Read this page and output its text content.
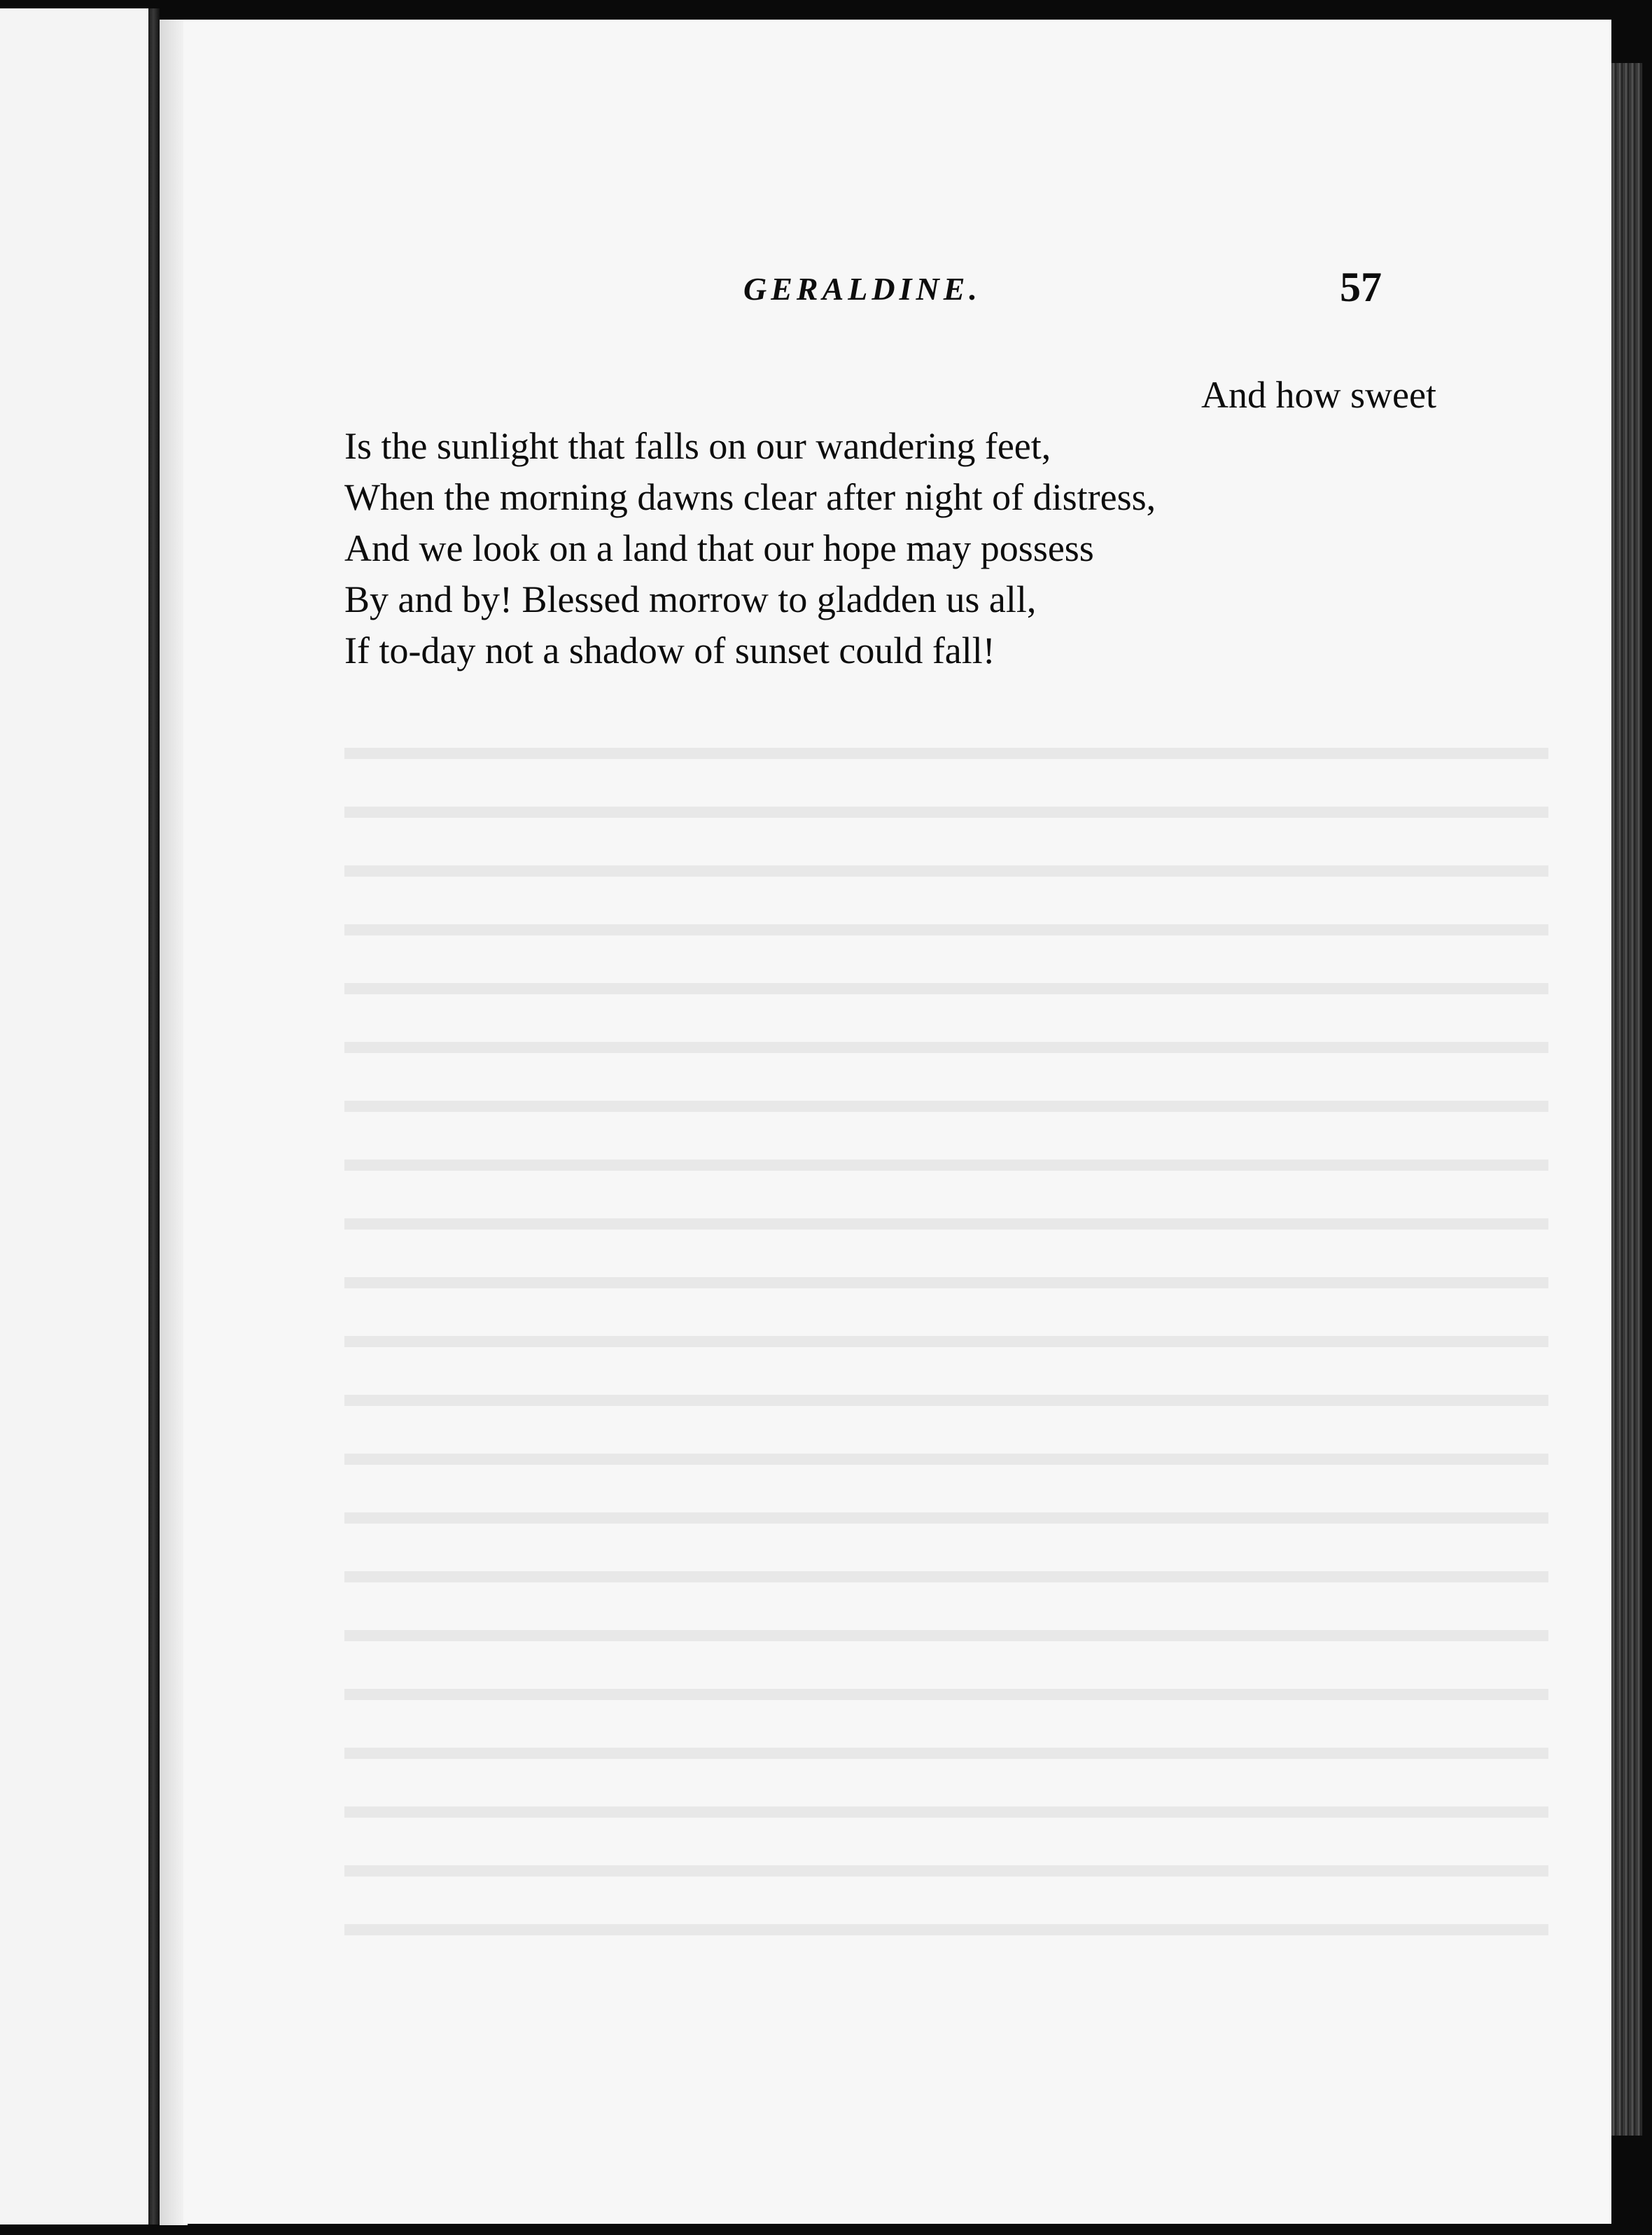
GERALDINE.	57
And how sweet
Is the sunlight that falls on our wandering feet,
When the morning dawns clear after night of distress,
And we look on a land that our hope may possess
By and by! Blessed morrow to gladden us all,
If to-day not a shadow of sunset could fall!
